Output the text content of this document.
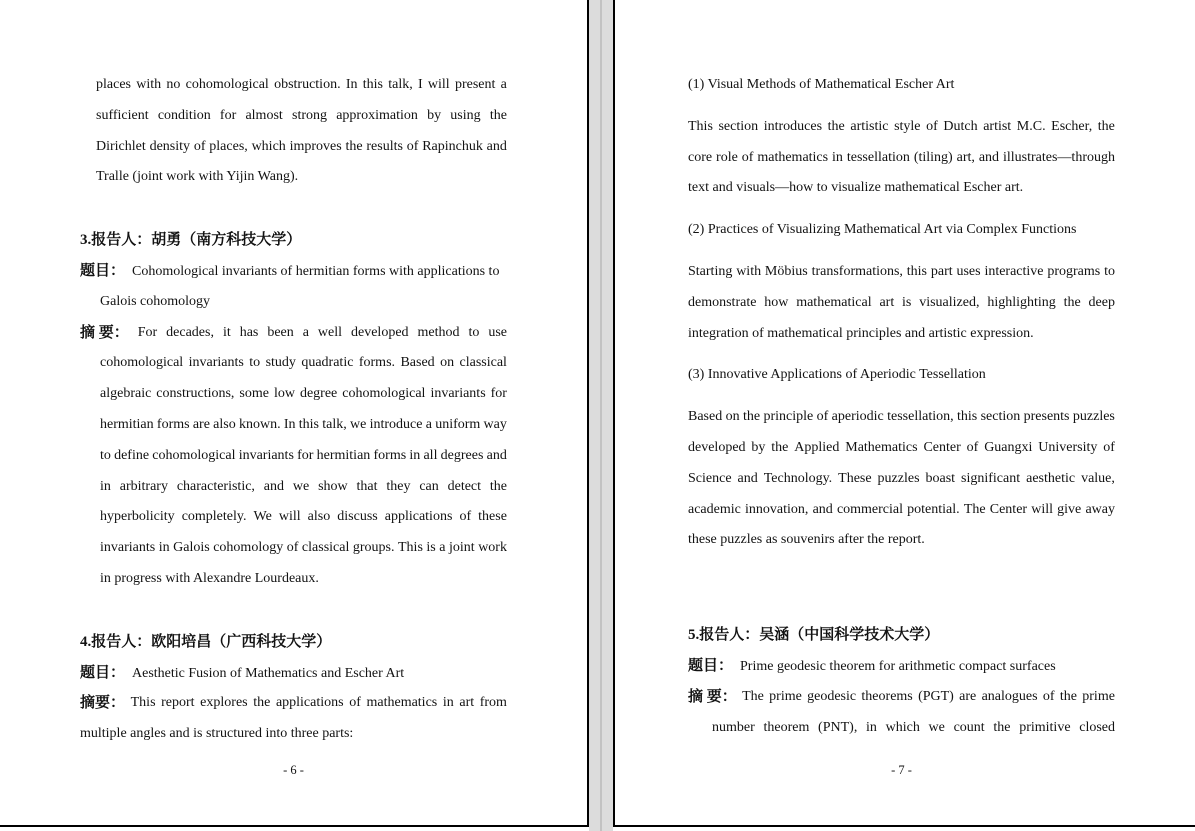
places with no cohomological obstruction. In this talk, I will present a
sufficient condition for almost strong approximation by using the
Dirichlet density of places, which improves the results of Rapinchuk and
Tralle (joint work with Yijin Wang).
3.报告人：胡勇（南方科技大学）
题目： Cohomological invariants of hermitian forms with applications to
Galois cohomology
摘 要： For decades, it has been a well developed method to use
cohomological invariants to study quadratic forms. Based on classical
algebraic constructions, some low degree cohomological invariants for
hermitian forms are also known. In this talk, we introduce a uniform way
to define cohomological invariants for hermitian forms in all degrees and
in arbitrary characteristic, and we show that they can detect the
hyperbolicity completely. We will also discuss applications of these
invariants in Galois cohomology of classical groups. This is a joint work
in progress with Alexandre Lourdeaux.
4.报告人：欧阳培昌（广西科技大学）
题目： Aesthetic Fusion of Mathematics and Escher Art
摘要： This report explores the applications of mathematics in art from
multiple angles and is structured into three parts:
- 6 -
(1) Visual Methods of Mathematical Escher Art
This section introduces the artistic style of Dutch artist M.C. Escher, the
core role of mathematics in tessellation (tiling) art, and illustrates—through
text and visuals—how to visualize mathematical Escher art.
(2) Practices of Visualizing Mathematical Art via Complex Functions
Starting with Möbius transformations, this part uses interactive programs to
demonstrate how mathematical art is visualized, highlighting the deep
integration of mathematical principles and artistic expression.
(3) Innovative Applications of Aperiodic Tessellation
Based on the principle of aperiodic tessellation, this section presents puzzles
developed by the Applied Mathematics Center of Guangxi University of
Science and Technology. These puzzles boast significant aesthetic value,
academic innovation, and commercial potential. The Center will give away
these puzzles as souvenirs after the report.
5.报告人：吴涵（中国科学技术大学）
题目： Prime geodesic theorem for arithmetic compact surfaces
摘 要： The prime geodesic theorems (PGT) are analogues of the prime
number theorem (PNT), in which we count the primitive closed
- 7 -
